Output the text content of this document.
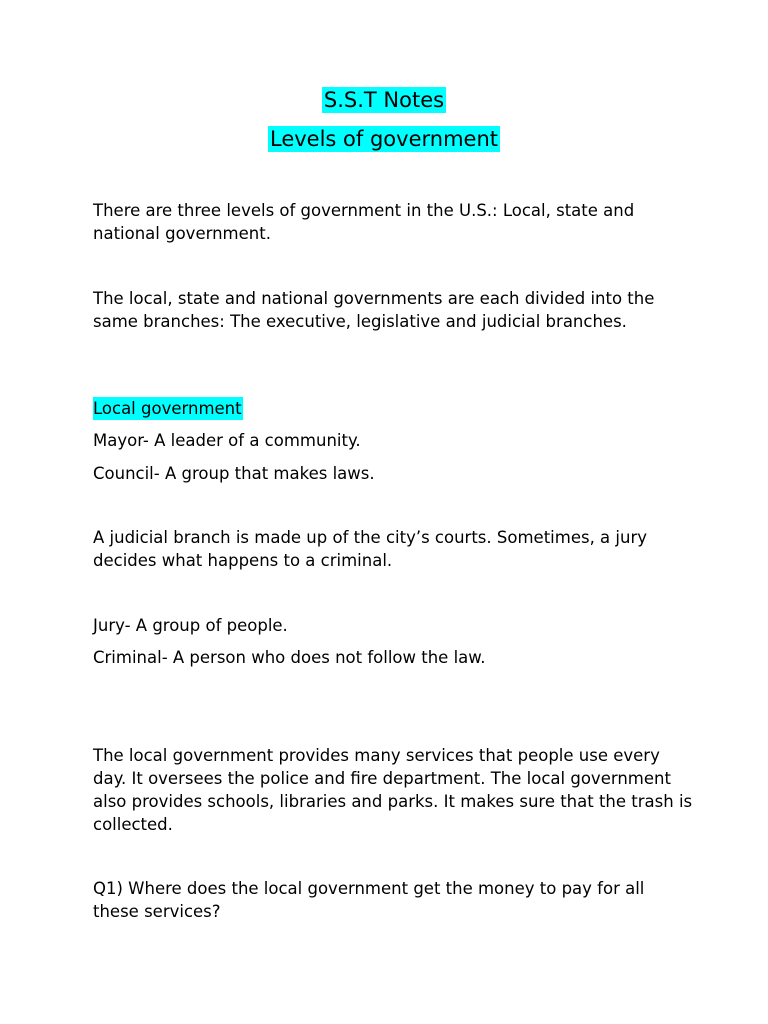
S.S.T Notes
Levels of government

There are three levels of government in the U.S.: Local, state and national government.

The local, state and national governments are each divided into the same branches: The executive, legislative and judicial branches.

Local government

Mayor- A leader of a community.

Council- A group that makes laws.

A judicial branch is made up of the city’s courts. Sometimes, a jury decides what happens to a criminal.

Jury- A group of people.

Criminal- A person who does not follow the law.

The local government provides many services that people use every day. It oversees the police and fire department. The local government also provides schools, libraries and parks. It makes sure that the trash is collected.

Q1) Where does the local government get the money to pay for all these services?
